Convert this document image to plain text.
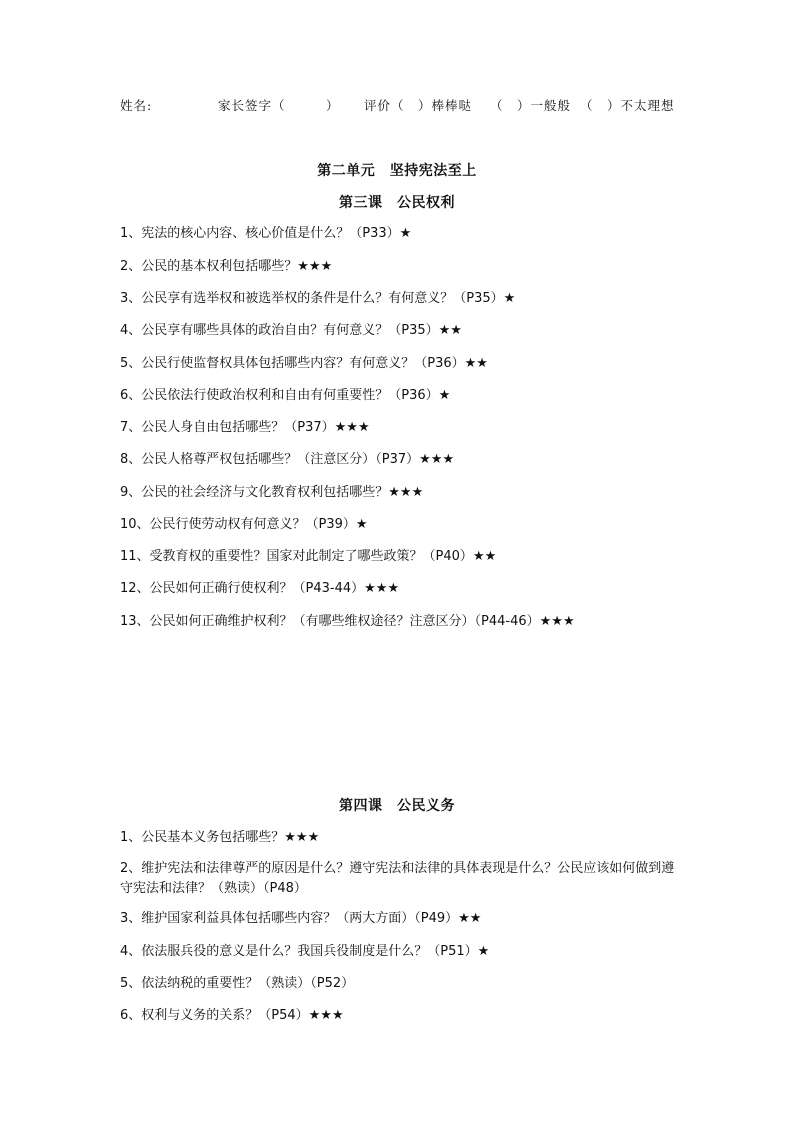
姓名:	家长签字（　　　） 评价（　）棒棒哒 （　）一般般 （　）不太理想
第二单元　坚持宪法至上
第三课　公民权利
1、宪法的核心内容、核心价值是什么？（P33）★
2、公民的基本权利包括哪些？★★★
3、公民享有选举权和被选举权的条件是什么？有何意义？（P35）★
4、公民享有哪些具体的政治自由？有何意义？（P35）★★
5、公民行使监督权具体包括哪些内容？有何意义？（P36）★★
6、公民依法行使政治权利和自由有何重要性？（P36）★
7、公民人身自由包括哪些？（P37）★★★
8、公民人格尊严权包括哪些？（注意区分）（P37）★★★
9、公民的社会经济与文化教育权利包括哪些？★★★
10、公民行使劳动权有何意义？（P39）★
11、受教育权的重要性？国家对此制定了哪些政策？（P40）★★
12、公民如何正确行使权利？（P43-44）★★★
13、公民如何正确维护权利？（有哪些维权途径？注意区分）（P44-46）★★★
第四课　公民义务
1、公民基本义务包括哪些？★★★
2、维护宪法和法律尊严的原因是什么？遵守宪法和法律的具体表现是什么？公民应该如何做到遵守宪法和法律？（熟读）（P48）
3、维护国家利益具体包括哪些内容？（两大方面）（P49）★★
4、依法服兵役的意义是什么？我国兵役制度是什么？（P51）★
5、依法纳税的重要性？（熟读）（P52）
6、权利与义务的关系？（P54）★★★
